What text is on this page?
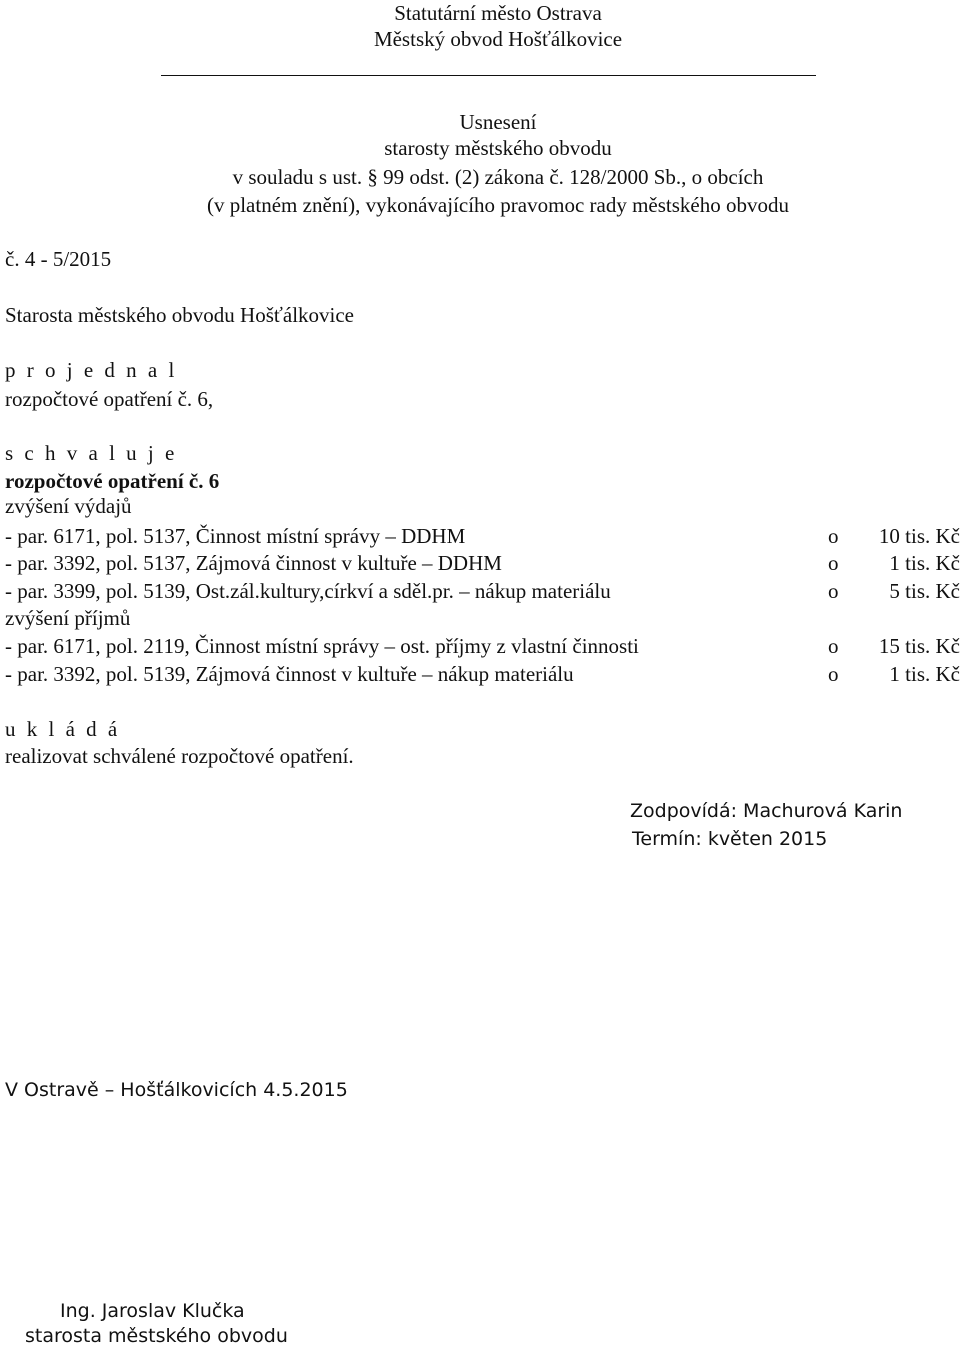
Statutární město Ostrava
Městský obvod Hošťálkovice
Usnesení
starosty městského obvodu
v souladu s ust. § 99 odst. (2) zákona č. 128/2000 Sb., o obcích
(v platném znění), vykonávajícího pravomoc rady městského obvodu
č. 4 - 5/2015
Starosta městského obvodu Hošťálkovice
p r o j e d n a l
rozpočtové opatření č. 6,
s c h v a l u j e
rozpočtové opatření č. 6
zvýšení výdajů
- par. 6171, pol. 5137, Činnost místní správy – DDHM	o 10 tis. Kč
- par. 3392, pol. 5137, Zájmová činnost v kultuře – DDHM	o 1 tis. Kč
- par. 3399, pol. 5139, Ost.zál.kultury,církví a sděl.pr. – nákup materiálu	o 5 tis. Kč
zvýšení příjmů
- par. 6171, pol. 2119, Činnost místní správy – ost. příjmy z vlastní činnosti	o 15 tis. Kč
- par. 3392, pol. 5139, Zájmová činnost v kultuře – nákup materiálu	o 1 tis. Kč
u k l á d á
realizovat schválené rozpočtové opatření.
Zodpovídá: Machurová Karin
Termín: květen 2015
V Ostravě – Hošťálkovicích 4.5.2015
Ing. Jaroslav Klučka
starosta městského obvodu
